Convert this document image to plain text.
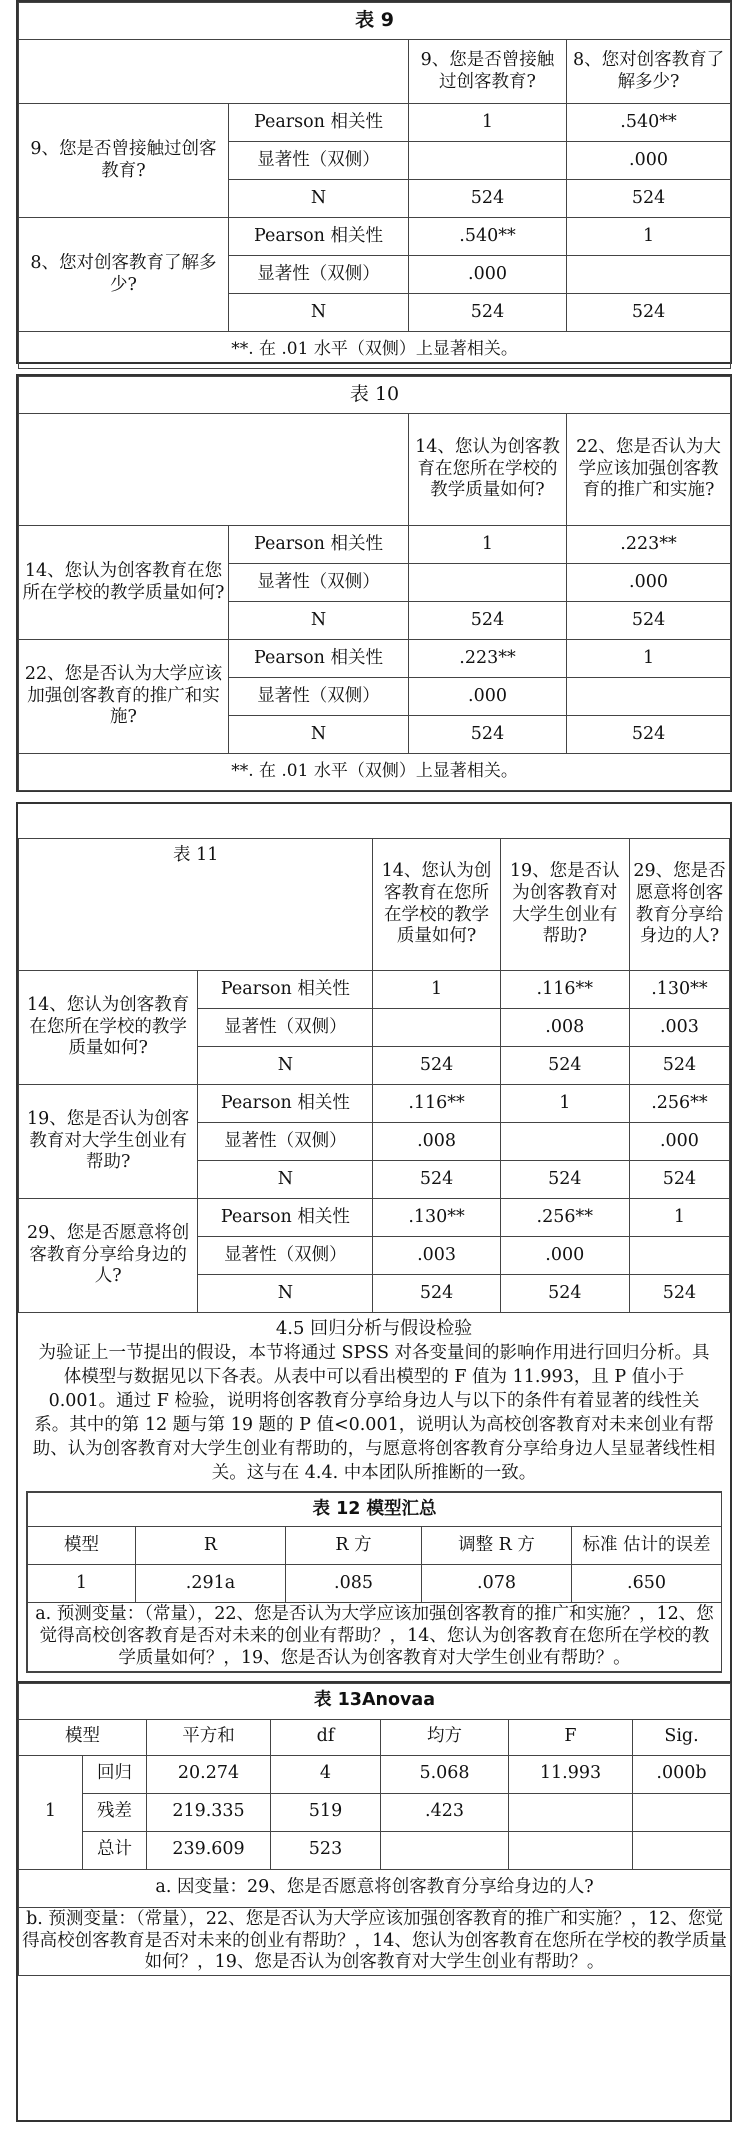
表 9			
		9、您是否曾接触过创客教育?	8、您对创客教育了解多少?
9、您是否曾接触过创客教育?	Pearson 相关性	1	.540**
	显著性（双侧）		.000
	N	524	524
8、您对创客教育了解多少?	Pearson 相关性	.540**	1
	显著性（双侧）	.000	
	N	524	524
**. 在 .01 水平（双侧）上显著相关。			
表 10			
		14、您认为创客教育在您所在学校的教学质量如何?	22、您是否认为大学应该加强创客教育的推广和实施?
14、您认为创客教育在您所在学校的教学质量如何?	Pearson 相关性	1	.223**
	显著性（双侧）		.000
	N	524	524
22、您是否认为大学应该加强创客教育的推广和实施?	Pearson 相关性	.223**	1
	显著性（双侧）	.000	
	N	524	524
**. 在 .01 水平（双侧）上显著相关。			
表 11		14、您认为创客教育在您所在学校的教学质量如何?	19、您是否认为创客教育对大学生创业有帮助?	29、您是否愿意将创客教育分享给身边的人?
14、您认为创客教育在您所在学校的教学质量如何?	Pearson 相关性	1	.116**	.130**
	显著性（双侧）		.008	.003
	N	524	524	524
19、您是否认为创客教育对大学生创业有帮助?	Pearson 相关性	.116**	1	.256**
	显著性（双侧）	.008		.000
	N	524	524	524
29、您是否愿意将创客教育分享给身边的人?	Pearson 相关性	.130**	.256**	1
	显著性（双侧）	.003	.000	
	N	524	524	524
4.5 回归分析与假设检验
为验证上一节提出的假设，本节将通过 SPSS 对各变量间的影响作用进行回归分析。具体模型与数据见以下各表。从表中可以看出模型的 F 值为 11.993，且 P 值小于 0.001。通过 F 检验，说明将创客教育分享给身边人与以下的条件有着显著的线性关系。其中的第 12 题与第 19 题的 P 值<0.001，说明认为高校创客教育对未来创业有帮助、认为创客教育对大学生创业有帮助的，与愿意将创客教育分享给身边人呈显著线性相关。这与在 4.4. 中本团队所推断的一致。
表 12 模型汇总				
模型	R	R 方	调整 R 方	标准 估计的误差
1	.291a	.085	.078	.650
a. 预测变量：（常量），22、您是否认为大学应该加强创客教育的推广和实施？，12、您觉得高校创客教育是否对未来的创业有帮助？，14、您认为创客教育在您所在学校的教学质量如何？，19、您是否认为创客教育对大学生创业有帮助？。				
表 13Anovaa						
模型		平方和	df	均方	F	Sig.
1	回归	20.274	4	5.068	11.993	.000b
	残差	219.335	519	.423		
	总计	239.609	523			
a. 因变量：29、您是否愿意将创客教育分享给身边的人?						
b. 预测变量：（常量），22、您是否认为大学应该加强创客教育的推广和实施？，12、您觉得高校创客教育是否对未来的创业有帮助？，14、您认为创客教育在您所在学校的教学质量如何？，19、您是否认为创客教育对大学生创业有帮助？。						
